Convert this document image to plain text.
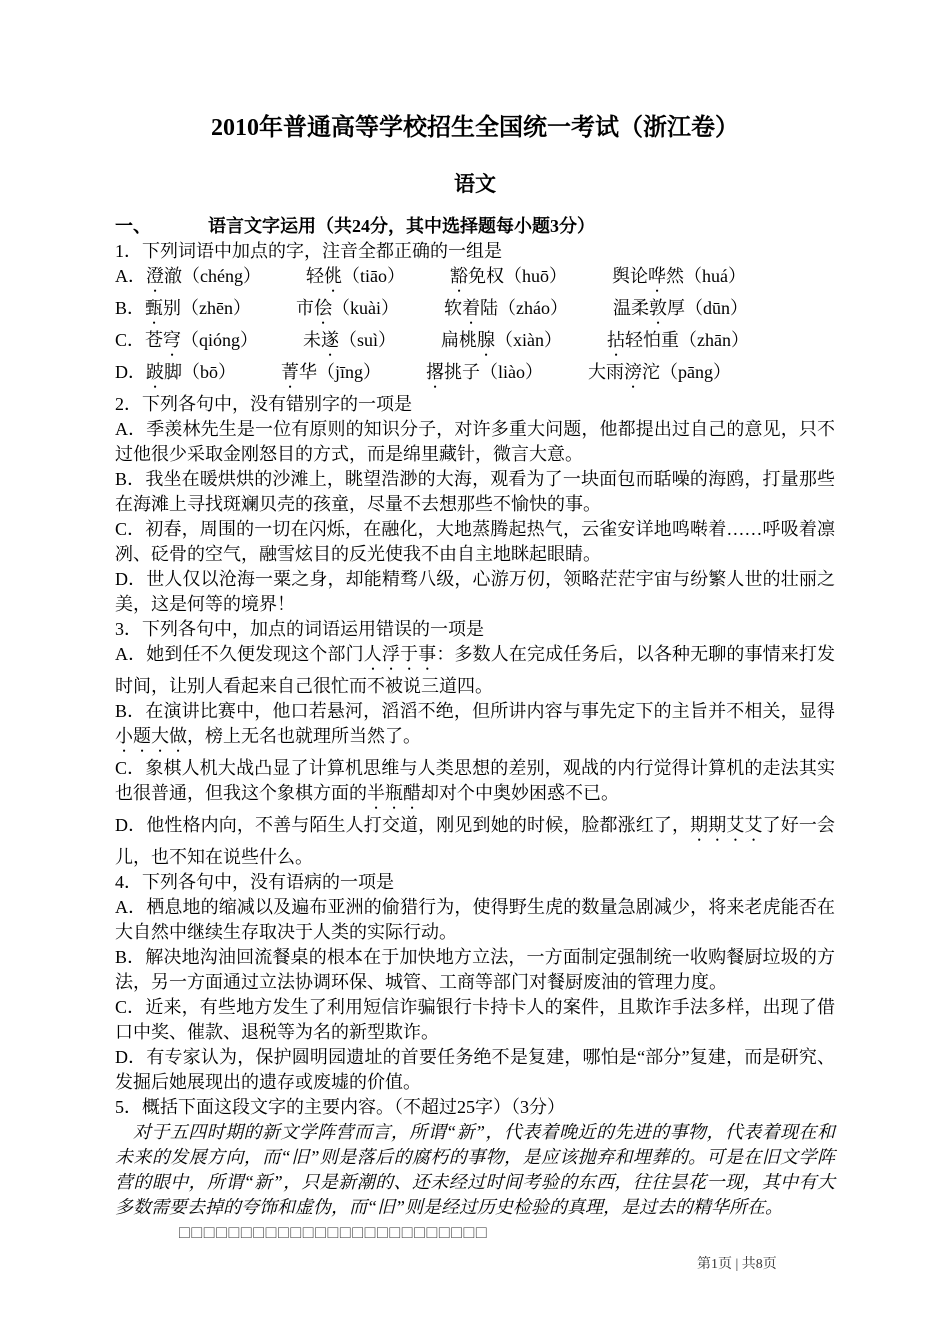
2010年普通高等学校招生全国统一考试（浙江卷）
语文

一、	语言文字运用（共24分，其中选择题每小题3分）

1．下列词语中加点的字，注音全都正确的一组是

A．澄澈（chéng）　　　轻佻（tiāo）　　　豁免权（huō）　　　舆论哗然（huá）

B．甄别（zhēn）　　　市侩（kuài）　　　软着陆（zháo）　　　温柔敦厚（dūn）

C．苍穹（qióng）　　　未遂（suì）　　　扁桃腺（xiàn）　　　拈轻怕重（zhān）

D．跛脚（bō）　　　菁华（jīng）　　　撂挑子（liào）　　　大雨滂沱（pāng）

2．下列各句中，没有错别字的一项是

A．季羡林先生是一位有原则的知识分子，对许多重大问题，他都提出过自己的意见，只不过他很少采取金刚怒目的方式，而是绵里藏针，微言大意。

B．我坐在暖烘烘的沙滩上，眺望浩渺的大海，观看为了一块面包而聒噪的海鸥，打量那些在海滩上寻找斑斓贝壳的孩童，尽量不去想那些不愉快的事。

C．初春，周围的一切在闪烁，在融化，大地蒸腾起热气，云雀安详地鸣啭着……呼吸着凛冽、砭骨的空气，融雪炫目的反光使我不由自主地眯起眼睛。

D．世人仅以沧海一粟之身，却能精骛八级，心游万仞，领略茫茫宇宙与纷繁人世的壮丽之美，这是何等的境界！

3．下列各句中，加点的词语运用错误的一项是

A．她到任不久便发现这个部门人浮于事：多数人在完成任务后，以各种无聊的事情来打发时间，让别人看起来自己很忙而不被说三道四。

B．在演讲比赛中，他口若悬河，滔滔不绝，但所讲内容与事先定下的主旨并不相关，显得小题大做，榜上无名也就理所当然了。

C．象棋人机大战凸显了计算机思维与人类思想的差别，观战的内行觉得计算机的走法其实也很普通，但我这个象棋方面的半瓶醋却对个中奥妙困惑不已。

D．他性格内向，不善与陌生人打交道，刚见到她的时候，脸都涨红了，期期艾艾了好一会儿，也不知在说些什么。

4．下列各句中，没有语病的一项是

A．栖息地的缩减以及遍布亚洲的偷猎行为，使得野生虎的数量急剧减少，将来老虎能否在大自然中继续生存取决于人类的实际行动。

B．解决地沟油回流餐桌的根本在于加快地方立法，一方面制定强制统一收购餐厨垃圾的方法，另一方面通过立法协调环保、城管、工商等部门对餐厨废油的管理力度。

C．近来，有些地方发生了利用短信诈骗银行卡持卡人的案件，且欺诈手法多样，出现了借口中奖、催款、退税等为名的新型欺诈。

D．有专家认为，保护圆明园遗址的首要任务绝不是复建，哪怕是“部分”复建，而是研究、发掘后她展现出的遗存或废墟的价值。

5．概括下面这段文字的主要内容。（不超过25字）（3分）

对于五四时期的新文学阵营而言，所谓“新”，代表着晚近的先进的事物，代表着现在和未来的发展方向，而“旧”则是落后的腐朽的事物，是应该抛弃和埋葬的。可是在旧文学阵营的眼中，所谓“新”，只是新潮的、还未经过时间考验的东西，往往昙花一现，其中有大多数需要去掉的夸饰和虚伪，而“旧”则是经过历史检验的真理，是过去的精华所在。

□□□□□□□□□□□□□□□□□□□□□□□□□

第1页 | 共8页
